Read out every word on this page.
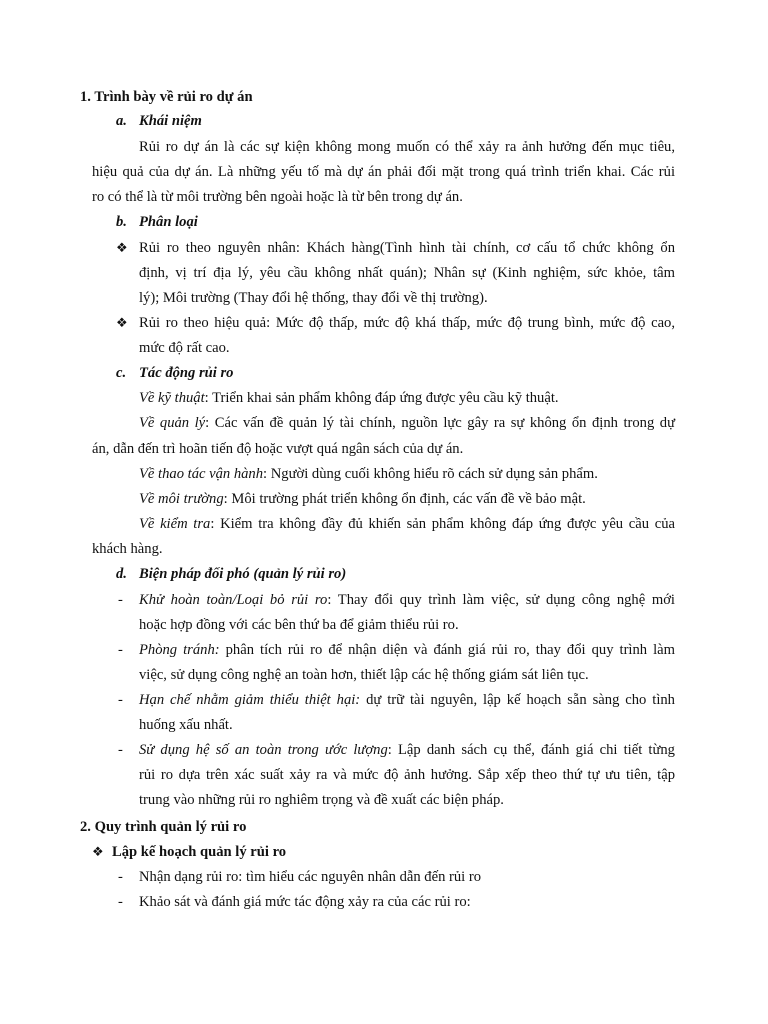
1. Trình bày về rủi ro dự án
a. Khái niệm
Rủi ro dự án là các sự kiện không mong muốn có thể xảy ra ảnh hưởng đến mục tiêu,
hiệu quả của dự án. Là những yếu tố mà dự án phải đối mặt trong quá trình triển khai. Các rủi
ro có thể là từ môi trường bên ngoài hoặc là từ bên trong dự án.
b. Phân loại
❖ Rủi ro theo nguyên nhân: Khách hàng(Tình hình tài chính, cơ cấu tổ chức không ổn
định, vị trí địa lý, yêu cầu không nhất quán); Nhân sự (Kinh nghiệm, sức khỏe, tâm
lý); Môi trường (Thay đổi hệ thống, thay đổi về thị trường).
❖ Rủi ro theo hiệu quả: Mức độ thấp, mức độ khá thấp, mức độ trung bình, mức độ cao,
mức độ rất cao.
c. Tác động rủi ro
Về kỹ thuật: Triển khai sản phẩm không đáp ứng được yêu cầu kỹ thuật.
Về quản lý: Các vấn đề quản lý tài chính, nguồn lực gây ra sự không ổn định trong dự
án, dẫn đến trì hoãn tiến độ hoặc vượt quá ngân sách của dự án.
Về thao tác vận hành: Người dùng cuối không hiểu rõ cách sử dụng sản phẩm.
Về môi trường: Môi trường phát triển không ổn định, các vấn đề về bảo mật.
Về kiểm tra: Kiểm tra không đầy đủ khiến sản phẩm không đáp ứng được yêu cầu của
khách hàng.
d. Biện pháp đối phó (quản lý rủi ro)
- Khử hoàn toàn/Loại bỏ rủi ro: Thay đổi quy trình làm việc, sử dụng công nghệ mới
hoặc hợp đồng với các bên thứ ba để giảm thiểu rủi ro.
- Phòng tránh: phân tích rủi ro để nhận diện và đánh giá rủi ro, thay đổi quy trình làm
việc, sử dụng công nghệ an toàn hơn, thiết lập các hệ thống giám sát liên tục.
- Hạn chế nhằm giảm thiểu thiệt hại: dự trữ tài nguyên, lập kế hoạch sẵn sàng cho tình
huống xấu nhất.
- Sử dụng hệ số an toàn trong ước lượng: Lập danh sách cụ thể, đánh giá chi tiết từng
rủi ro dựa trên xác suất xảy ra và mức độ ảnh hưởng. Sắp xếp theo thứ tự ưu tiên, tập
trung vào những rủi ro nghiêm trọng và đề xuất các biện pháp.
2. Quy trình quản lý rủi ro
❖ Lập kế hoạch quản lý rủi ro
- Nhận dạng rủi ro: tìm hiểu các nguyên nhân dẫn đến rủi ro
- Khảo sát và đánh giá mức tác động xảy ra của các rủi ro:
